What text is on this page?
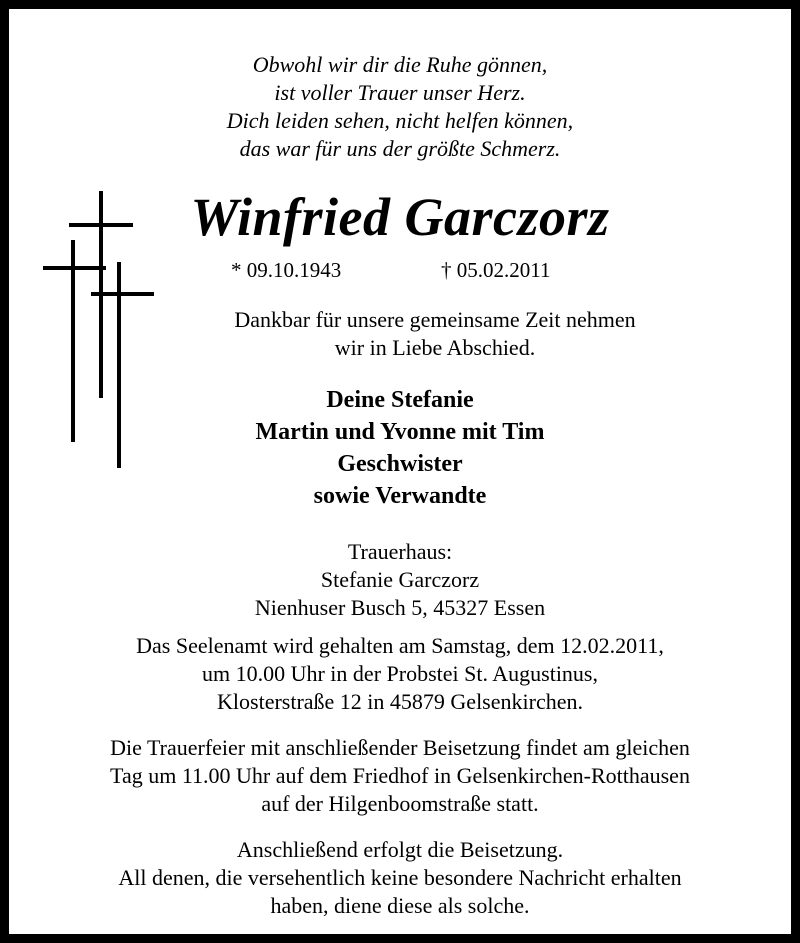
Obwohl wir dir die Ruhe gönnen,
ist voller Trauer unser Herz.
Dich leiden sehen, nicht helfen können,
das war für uns der größte Schmerz.
Winfried Garczorz
* 09.10.1943	† 05.02.2011
Dankbar für unsere gemeinsame Zeit nehmen
wir in Liebe Abschied.
Deine Stefanie
Martin und Yvonne mit Tim
Geschwister
sowie Verwandte
Trauerhaus:
Stefanie Garczorz
Nienhuser Busch 5, 45327 Essen
Das Seelenamt wird gehalten am Samstag, dem 12.02.2011,
um 10.00 Uhr in der Probstei St. Augustinus,
Klosterstraße 12 in 45879 Gelsenkirchen.
Die Trauerfeier mit anschließender Beisetzung findet am gleichen
Tag um 11.00 Uhr auf dem Friedhof in Gelsenkirchen-Rotthausen
auf der Hilgenboomstraße statt.
Anschließend erfolgt die Beisetzung.
All denen, die versehentlich keine besondere Nachricht erhalten
haben, diene diese als solche.
